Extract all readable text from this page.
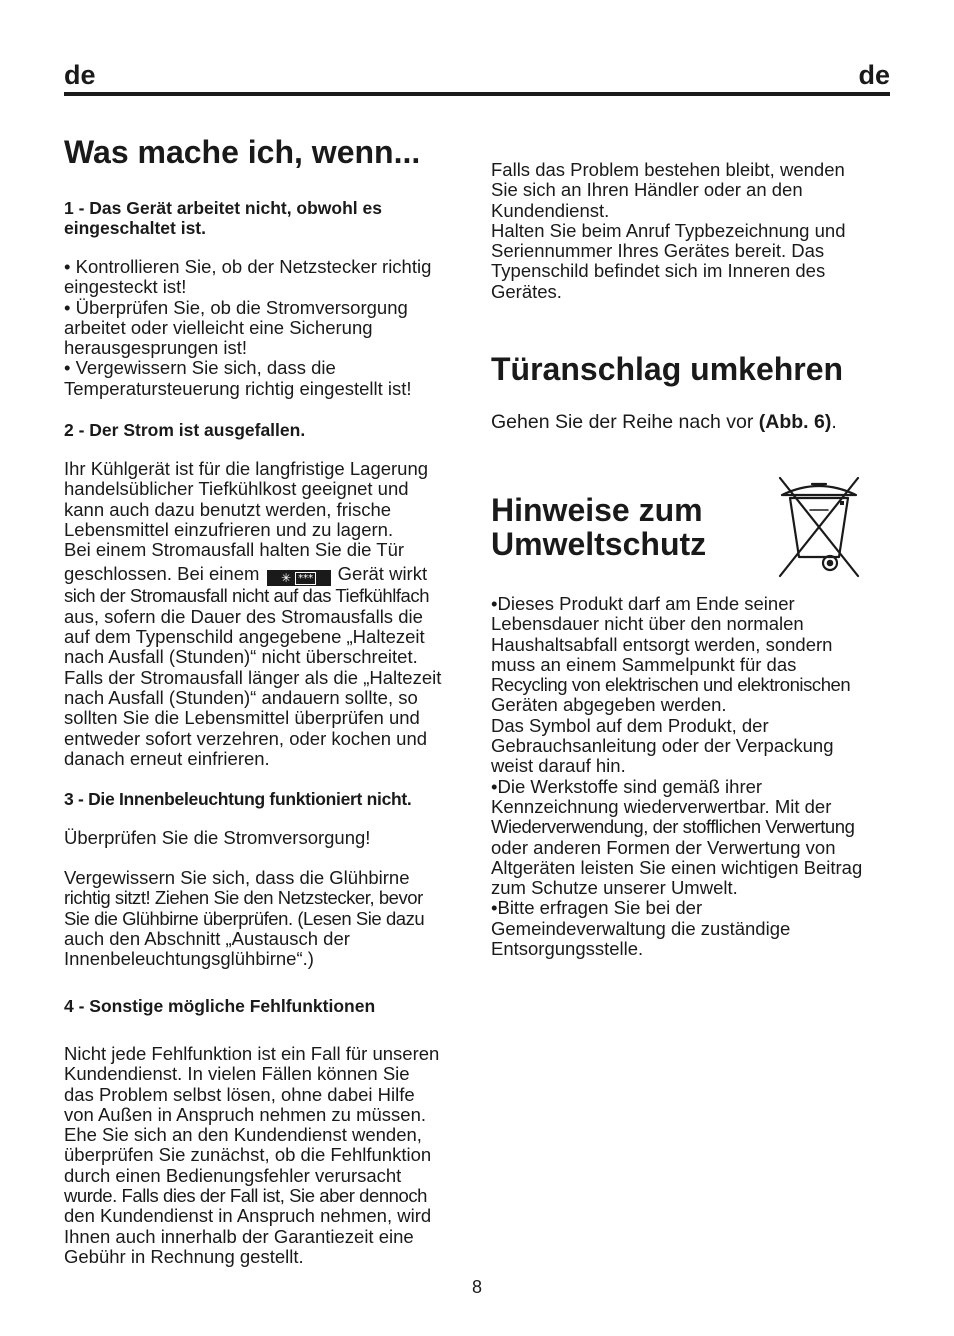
de	de
Was mache ich, wenn...
1 - Das Gerät arbeitet nicht, obwohl es
eingeschaltet ist.
• Kontrollieren Sie, ob der Netzstecker richtig
eingesteckt ist!
• Überprüfen Sie, ob die Stromversorgung
arbeitet oder vielleicht eine Sicherung
herausgesprungen ist!
• Vergewissern Sie sich, dass die
Temperatursteuerung richtig eingestellt ist!
2 - Der Strom ist ausgefallen.
Ihr Kühlgerät ist für die langfristige Lagerung
handelsüblicher Tiefkühlkost geeignet und
kann auch dazu benutzt werden, frische
Lebensmittel einzufrieren und zu lagern.
Bei einem Stromausfall halten Sie die Tür
geschlossen. Bei einem ✳ *** Gerät wirkt
sich der Stromausfall nicht auf das Tiefkühlfach
aus, sofern die Dauer des Stromausfalls die
auf dem Typenschild angegebene „Haltezeit
nach Ausfall (Stunden)“ nicht überschreitet.
Falls der Stromausfall länger als die „Haltezeit
nach Ausfall (Stunden)“ andauern sollte, so
sollten Sie die Lebensmittel überprüfen und
entweder sofort verzehren, oder kochen und
danach erneut einfrieren.
3 - Die Innenbeleuchtung funktioniert nicht.
Überprüfen Sie die Stromversorgung!
Vergewissern Sie sich, dass die Glühbirne
richtig sitzt! Ziehen Sie den Netzstecker, bevor
Sie die Glühbirne überprüfen. (Lesen Sie dazu
auch den Abschnitt „Austausch der
Innenbeleuchtungsglühbirne“.)
4 - Sonstige mögliche Fehlfunktionen
Nicht jede Fehlfunktion ist ein Fall für unseren
Kundendienst. In vielen Fällen können Sie
das Problem selbst lösen, ohne dabei Hilfe
von Außen in Anspruch nehmen zu müssen.
Ehe Sie sich an den Kundendienst wenden,
überprüfen Sie zunächst, ob die Fehlfunktion
durch einen Bedienungsfehler verursacht
wurde. Falls dies der Fall ist, Sie aber dennoch
den Kundendienst in Anspruch nehmen, wird
Ihnen auch innerhalb der Garantiezeit eine
Gebühr in Rechnung gestellt.
Falls das Problem bestehen bleibt, wenden
Sie sich an Ihren Händler oder an den
Kundendienst.
Halten Sie beim Anruf Typbezeichnung und
Seriennummer Ihres Gerätes bereit. Das
Typenschild befindet sich im Inneren des
Gerätes.
Türanschlag umkehren
Gehen Sie der Reihe nach vor (Abb. 6).
Hinweise zum
Umweltschutz
•Dieses Produkt darf am Ende seiner
Lebensdauer nicht über den normalen
Haushaltsabfall entsorgt werden, sondern
muss an einem Sammelpunkt für das
Recycling von elektrischen und elektronischen
Geräten abgegeben werden.
Das Symbol auf dem Produkt, der
Gebrauchsanleitung oder der Verpackung
weist darauf hin.
•Die Werkstoffe sind gemäß ihrer
Kennzeichnung wiederverwertbar. Mit der
Wiederverwendung, der stofflichen Verwertung
oder anderen Formen der Verwertung von
Altgeräten leisten Sie einen wichtigen Beitrag
zum Schutze unserer Umwelt.
•Bitte erfragen Sie bei der
Gemeindeverwaltung die zuständige
Entsorgungsstelle.
8
